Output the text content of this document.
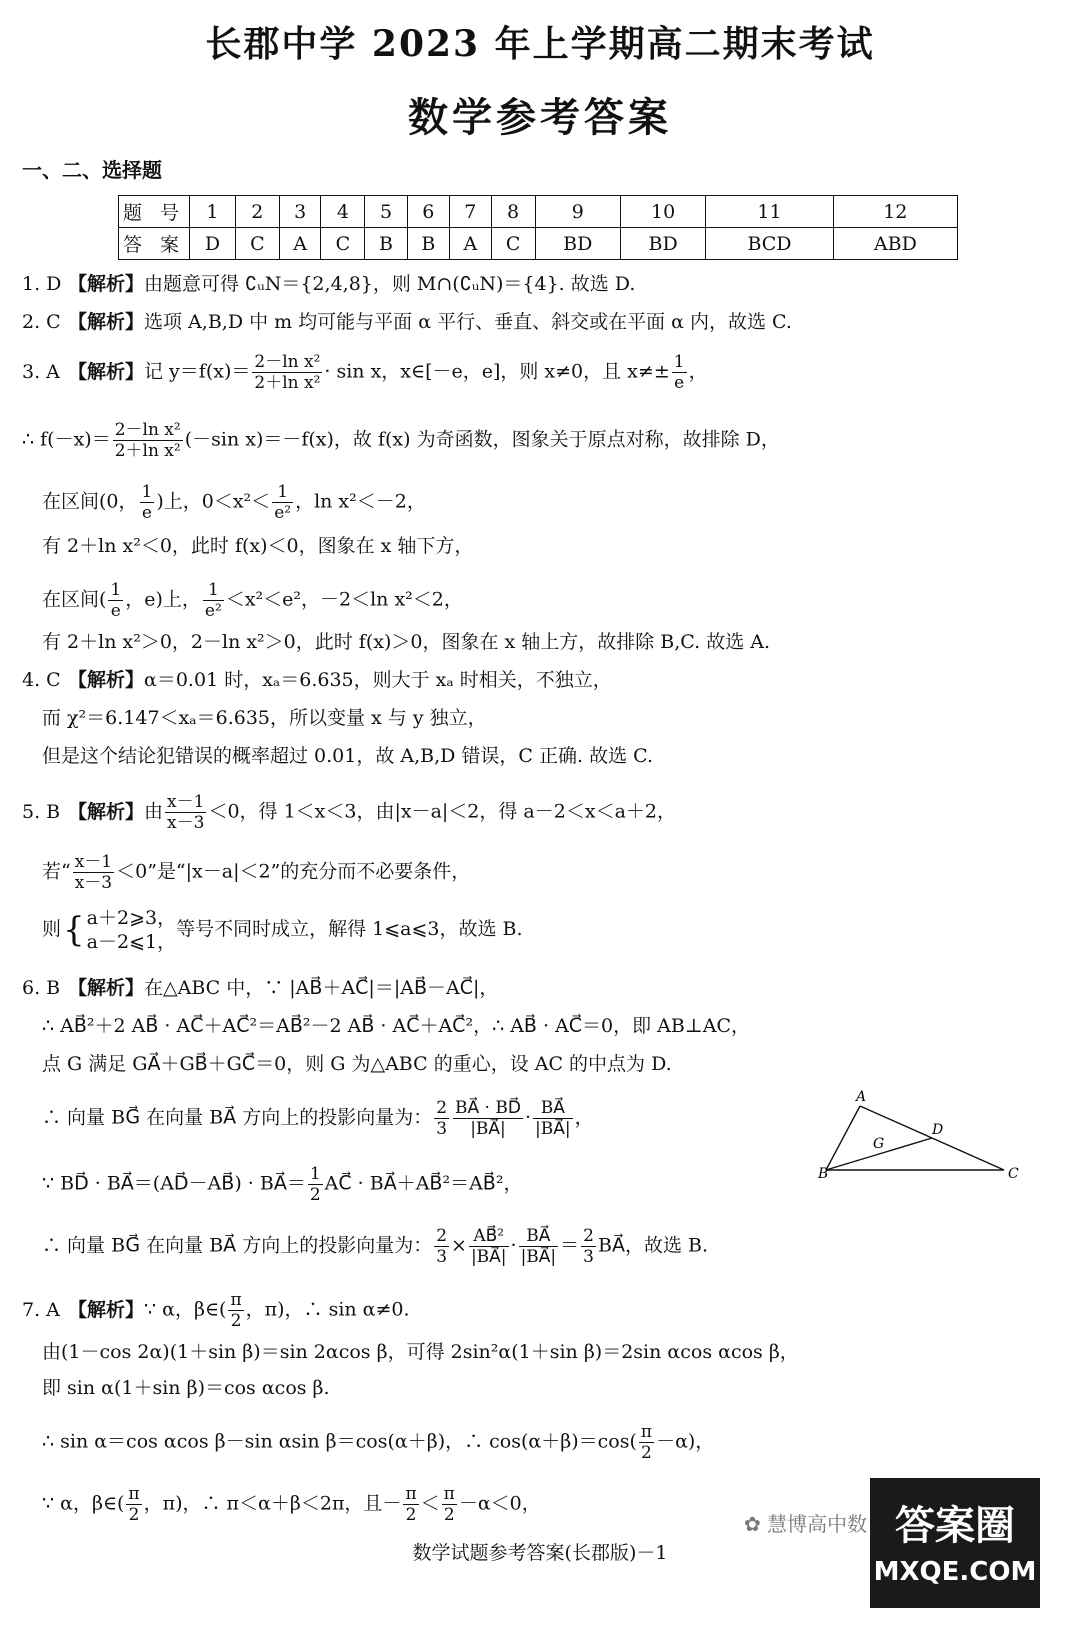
长郡中学 2023 年上学期高二期末考试
数学参考答案
一、二、选择题
题 号	1	2	3	4	5	6	7	8	9	10	11	12
答 案	D	C	A	C	B	B	A	C	BD	BD	BCD	ABD
1. D 【解析】由题意可得 ∁ᵤN＝{2,4,8}，则 M∩(∁ᵤN)＝{4}. 故选 D.
2. C 【解析】选项 A,B,D 中 m 均可能与平面 α 平行、垂直、斜交或在平面 α 内，故选 C.
3. A 【解析】记 $y=f(x)= \frac{\text{2－ln x²}}{\text{2＋ln x²}} \cdot \sin x$，x∈[－e，e]，则 x≠0，且 $x\ne\pm \frac{1}{e}$ ，
∴ $f(-x)= \frac{\text{2－ln x²}}{\text{2＋ln x²}} (-\sin$ x)＝－f(x)，故 f(x) 为奇函数，图象关于原点对称，故排除 D，
在区间(0， $\frac{1}{e}$ )上，$0<x^2< \frac{1}{\text{e²}}$ ，ln x²＜－2，
有 2＋ln x²＜0，此时 f(x)＜0，图象在 x 轴下方，
在区间( $\frac{1}{e}$ ，e)上， $\frac{1}{\text{e²}} <x^2<e^2$，－2＜ln x²＜2，
有 2＋ln x²＞0，2－ln x²＞0，此时 f(x)＞0，图象在 x 轴上方，故排除 B,C. 故选 A.
4. C 【解析】α＝0.01 时，xₐ＝6.635，则大于 xₐ 时相关，不独立，
而 χ²＝6.147＜xₐ＝6.635，所以变量 x 与 y 独立，
但是这个结论犯错误的概率超过 0.01，故 A,B,D 错误，C 正确. 故选 C.
5. B 【解析】由 $\frac{x-1}{x-3} <0$，得 1＜x＜3，由|x－a|＜2，得 a－2＜x＜a＋2，
若“ $\frac{x-1}{x-3} <0$”是“|x－a|＜2”的充分而不必要条件，
则{ a＋2⩾3，
a－2⩽1，
等号不同时成立，解得 1⩽a⩽3，故选 B.
6. B 【解析】在△ABC 中，∵ |AB⃗＋AC⃗|＝|AB⃗－AC⃗|，
∴ AB⃗²＋2 AB⃗ · AC⃗＋AC⃗²＝AB⃗²－2 AB⃗ · AC⃗＋AC⃗²，∴ AB⃗ · AC⃗＝0，即 AB⊥AC，
点 G 满足 GA⃗＋GB⃗＋GC⃗＝0，则 G 为△ABC 的重心，设 AC 的中点为 D.
∴ 向量 BG⃗ 在向量 BA⃗ 方向上的投影向量为： $\frac{2}{3} \frac{BA⃗ \cdot BD⃗}{|BA⃗|} \cdot \frac{BA⃗}{|BA⃗|}$ ，
∵ BD⃗ · BA⃗＝(AD⃗－AB⃗) · BA⃗＝ $\frac{1}{2}$ AC⃗ · BA⃗＋AB⃗²＝AB⃗²，
∴ 向量 BG⃗ 在向量 BA⃗ 方向上的投影向量为： $\frac{2}{3} \times \frac{\text{AB⃗²}}{|BA⃗|} \cdot \frac{BA⃗}{|BA⃗|} = \frac{2}{3}$ BA⃗，故选 B.
7. A 【解析】∵ α，β∈( $\frac{\pi}{2}$ ，π)，∴ sin α≠0.
由(1－cos 2α)(1＋sin β)＝sin 2αcos β，可得 2sin²α(1＋sin β)＝2sin αcos αcos β，
即 sin α(1＋sin β)＝cos αcos β.
∴ sin α＝cos αcos β－sin αsin β＝cos(α＋β)，∴ $\cos(\alpha+\beta)=\cos( \frac{\pi}{2} -\alpha)$，
∵ α，β∈( $\frac{\pi}{2}$ ，π)，∴ π＜α＋β＜2π，且－ $\frac{\pi}{2} < \frac{\pi}{2} -\alpha<0$，
A
B	C
D
G
✿ 慧博高中数 答案圈
MXQE.COM
数学试题参考答案(长郡版)－1
